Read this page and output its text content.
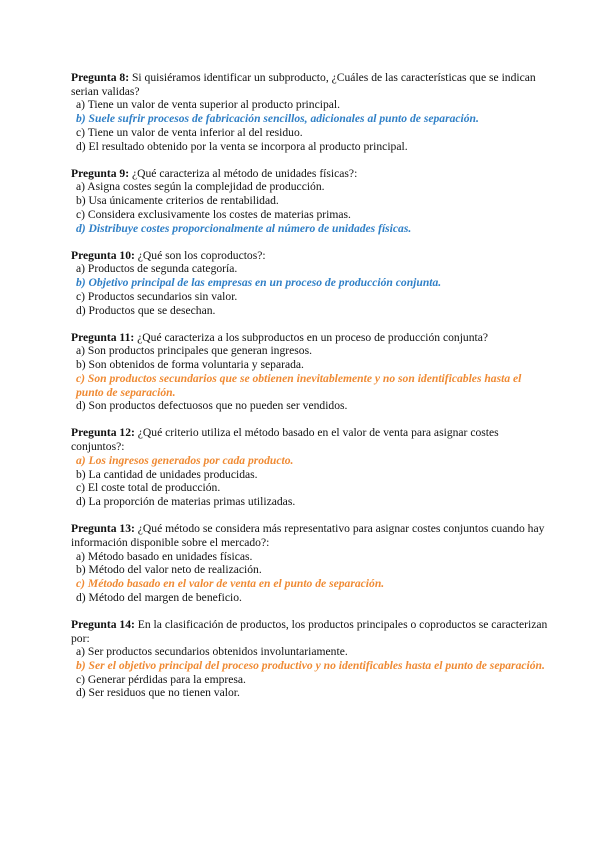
Pregunta 8: Si quisiéramos identificar un subproducto, ¿Cuáles de las características que se indican serian validas?

a) Tiene un valor de venta superior al producto principal.
b) Suele sufrir procesos de fabricación sencillos, adicionales al punto de separación.
c) Tiene un valor de venta inferior al del residuo.
d) El resultado obtenido por la venta se incorpora al producto principal.

Pregunta 9: ¿Qué caracteriza al método de unidades físicas?:

a) Asigna costes según la complejidad de producción.
b) Usa únicamente criterios de rentabilidad.
c) Considera exclusivamente los costes de materias primas.
d) Distribuye costes proporcionalmente al número de unidades físicas.

Pregunta 10: ¿Qué son los coproductos?:

a) Productos de segunda categoría.
b) Objetivo principal de las empresas en un proceso de producción conjunta.
c) Productos secundarios sin valor.
d) Productos que se desechan.

Pregunta 11: ¿Qué caracteriza a los subproductos en un proceso de producción conjunta?

a) Son productos principales que generan ingresos.
b) Son obtenidos de forma voluntaria y separada.
c) Son productos secundarios que se obtienen inevitablemente y no son identificables hasta el punto de separación.
d) Son productos defectuosos que no pueden ser vendidos.

Pregunta 12: ¿Qué criterio utiliza el método basado en el valor de venta para asignar costes conjuntos?:

a) Los ingresos generados por cada producto.
b) La cantidad de unidades producidas.
c) El coste total de producción.
d) La proporción de materias primas utilizadas.

Pregunta 13: ¿Qué método se considera más representativo para asignar costes conjuntos cuando hay información disponible sobre el mercado?:

a) Método basado en unidades físicas.
b) Método del valor neto de realización.
c) Método basado en el valor de venta en el punto de separación.
d) Método del margen de beneficio.

Pregunta 14: En la clasificación de productos, los productos principales o coproductos se caracterizan por:

a) Ser productos secundarios obtenidos involuntariamente.
b) Ser el objetivo principal del proceso productivo y no identificables hasta el punto de separación.
c) Generar pérdidas para la empresa.
d) Ser residuos que no tienen valor.
